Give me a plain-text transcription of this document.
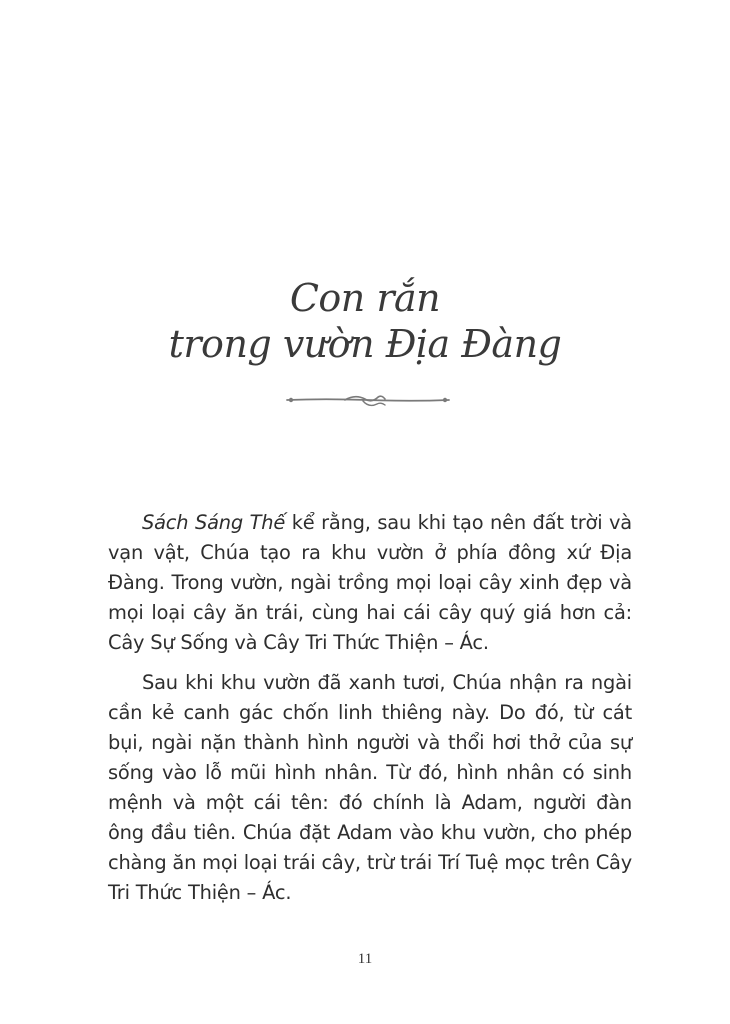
Con rắn
trong vườn Địa Đàng

Sách Sáng Thế kể rằng, sau khi tạo nên đất trời và vạn vật, Chúa tạo ra khu vườn ở phía đông xứ Địa Đàng. Trong vườn, ngài trồng mọi loại cây xinh đẹp và mọi loại cây ăn trái, cùng hai cái cây quý giá hơn cả: Cây Sự Sống và Cây Tri Thức Thiện – Ác.

Sau khi khu vườn đã xanh tươi, Chúa nhận ra ngài cần kẻ canh gác chốn linh thiêng này. Do đó, từ cát bụi, ngài nặn thành hình người và thổi hơi thở của sự sống vào lỗ mũi hình nhân. Từ đó, hình nhân có sinh mệnh và một cái tên: đó chính là Adam, người đàn ông đầu tiên. Chúa đặt Adam vào khu vườn, cho phép chàng ăn mọi loại trái cây, trừ trái Trí Tuệ mọc trên Cây Tri Thức Thiện – Ác.

11
